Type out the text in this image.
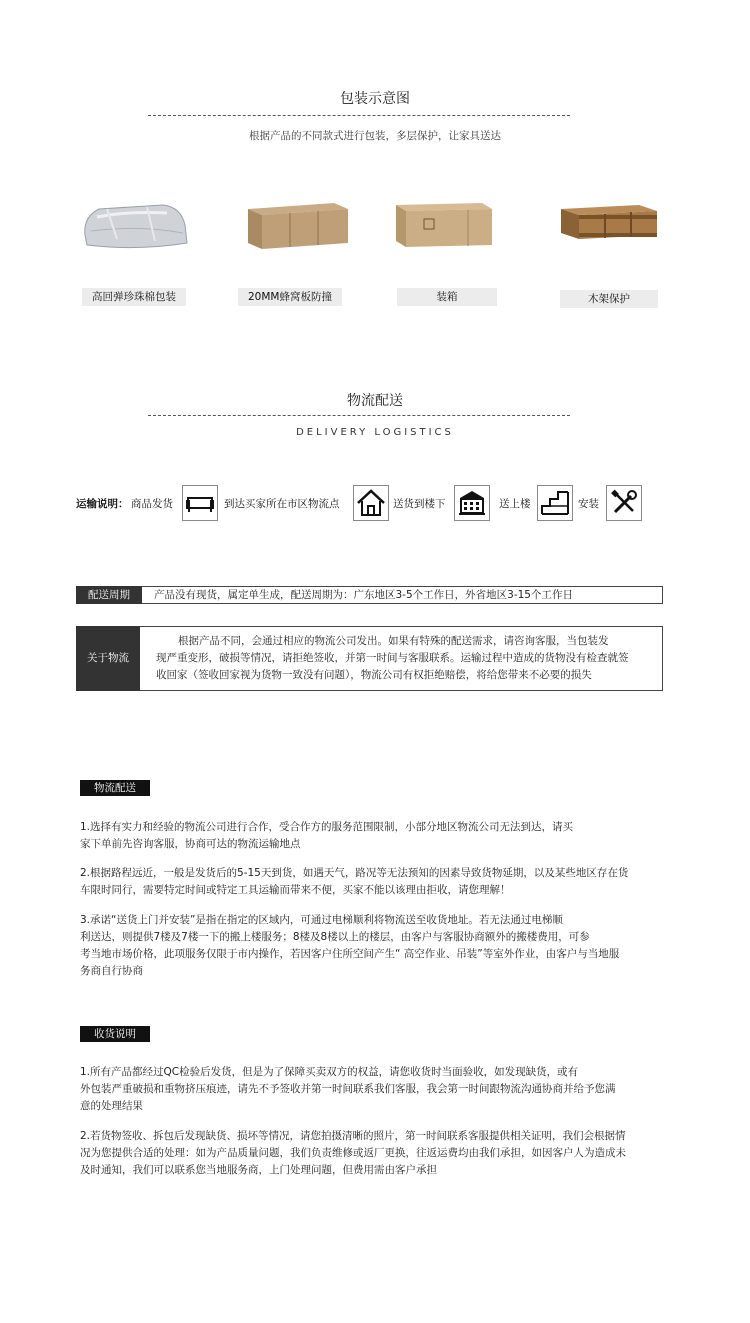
包装示意图
根据产品的不同款式进行包装，多层保护，让家具送达
高回弹珍珠棉包装	20MM蜂窝板防撞	装箱	木架保护
物流配送
DELIVERY LOGISTICS
运输说明： 商品发货	到达买家所在市区物流点	送货到楼下	送上楼	安装
配送周期	产品没有现货，属定单生成，配送周期为：广东地区3-5个工作日，外省地区3-15个工作日
关于物流
根据产品不同，会通过相应的物流公司发出。如果有特殊的配送需求，请咨询客服，当包装发
现严重变形，破损等情况，请拒绝签收，并第一时间与客服联系。运输过程中造成的货物没有检查就签
收回家（签收回家视为货物一致没有问题），物流公司有权拒绝赔偿，将给您带来不必要的损失
物流配送
1.选择有实力和经验的物流公司进行合作，受合作方的服务范围限制，小部分地区物流公司无法到达，请买
家下单前先咨询客服，协商可达的物流运输地点
2.根据路程远近，一般是发货后的5-15天到货，如遇天气，路况等无法预知的因素导致货物延期，以及某些地区存在货
车限时同行，需要特定时间或特定工具运输而带来不便，买家不能以该理由拒收，请您理解！
3.承诺“送货上门并安装”是指在指定的区域内，可通过电梯顺利将物流送至收货地址。若无法通过电梯顺
利送达，则提供7楼及7楼一下的搬上楼服务；8楼及8楼以上的楼层，由客户与客服协商额外的搬楼费用，可参
考当地市场价格，此项服务仅限于市内操作，若因客户住所空间产生“ 高空作业、吊装”等室外作业，由客户与当地服
务商自行协商
收货说明
1.所有产品都经过QC检验后发货，但是为了保障买卖双方的权益，请您收货时当面验收，如发现缺货，或有
外包装严重破损和重物挤压痕迹，请先不予签收并第一时间联系我们客服，我会第一时间跟物流沟通协商并给予您满
意的处理结果
2.若货物签收、拆包后发现缺货、损坏等情况，请您拍摄清晰的照片，第一时间联系客服提供相关证明，我们会根据情
况为您提供合适的处理：如为产品质量问题，我们负责维修或返厂更换，往返运费均由我们承担，如因客户人为造成未
及时通知，我们可以联系您当地服务商，上门处理问题，但费用需由客户承担
